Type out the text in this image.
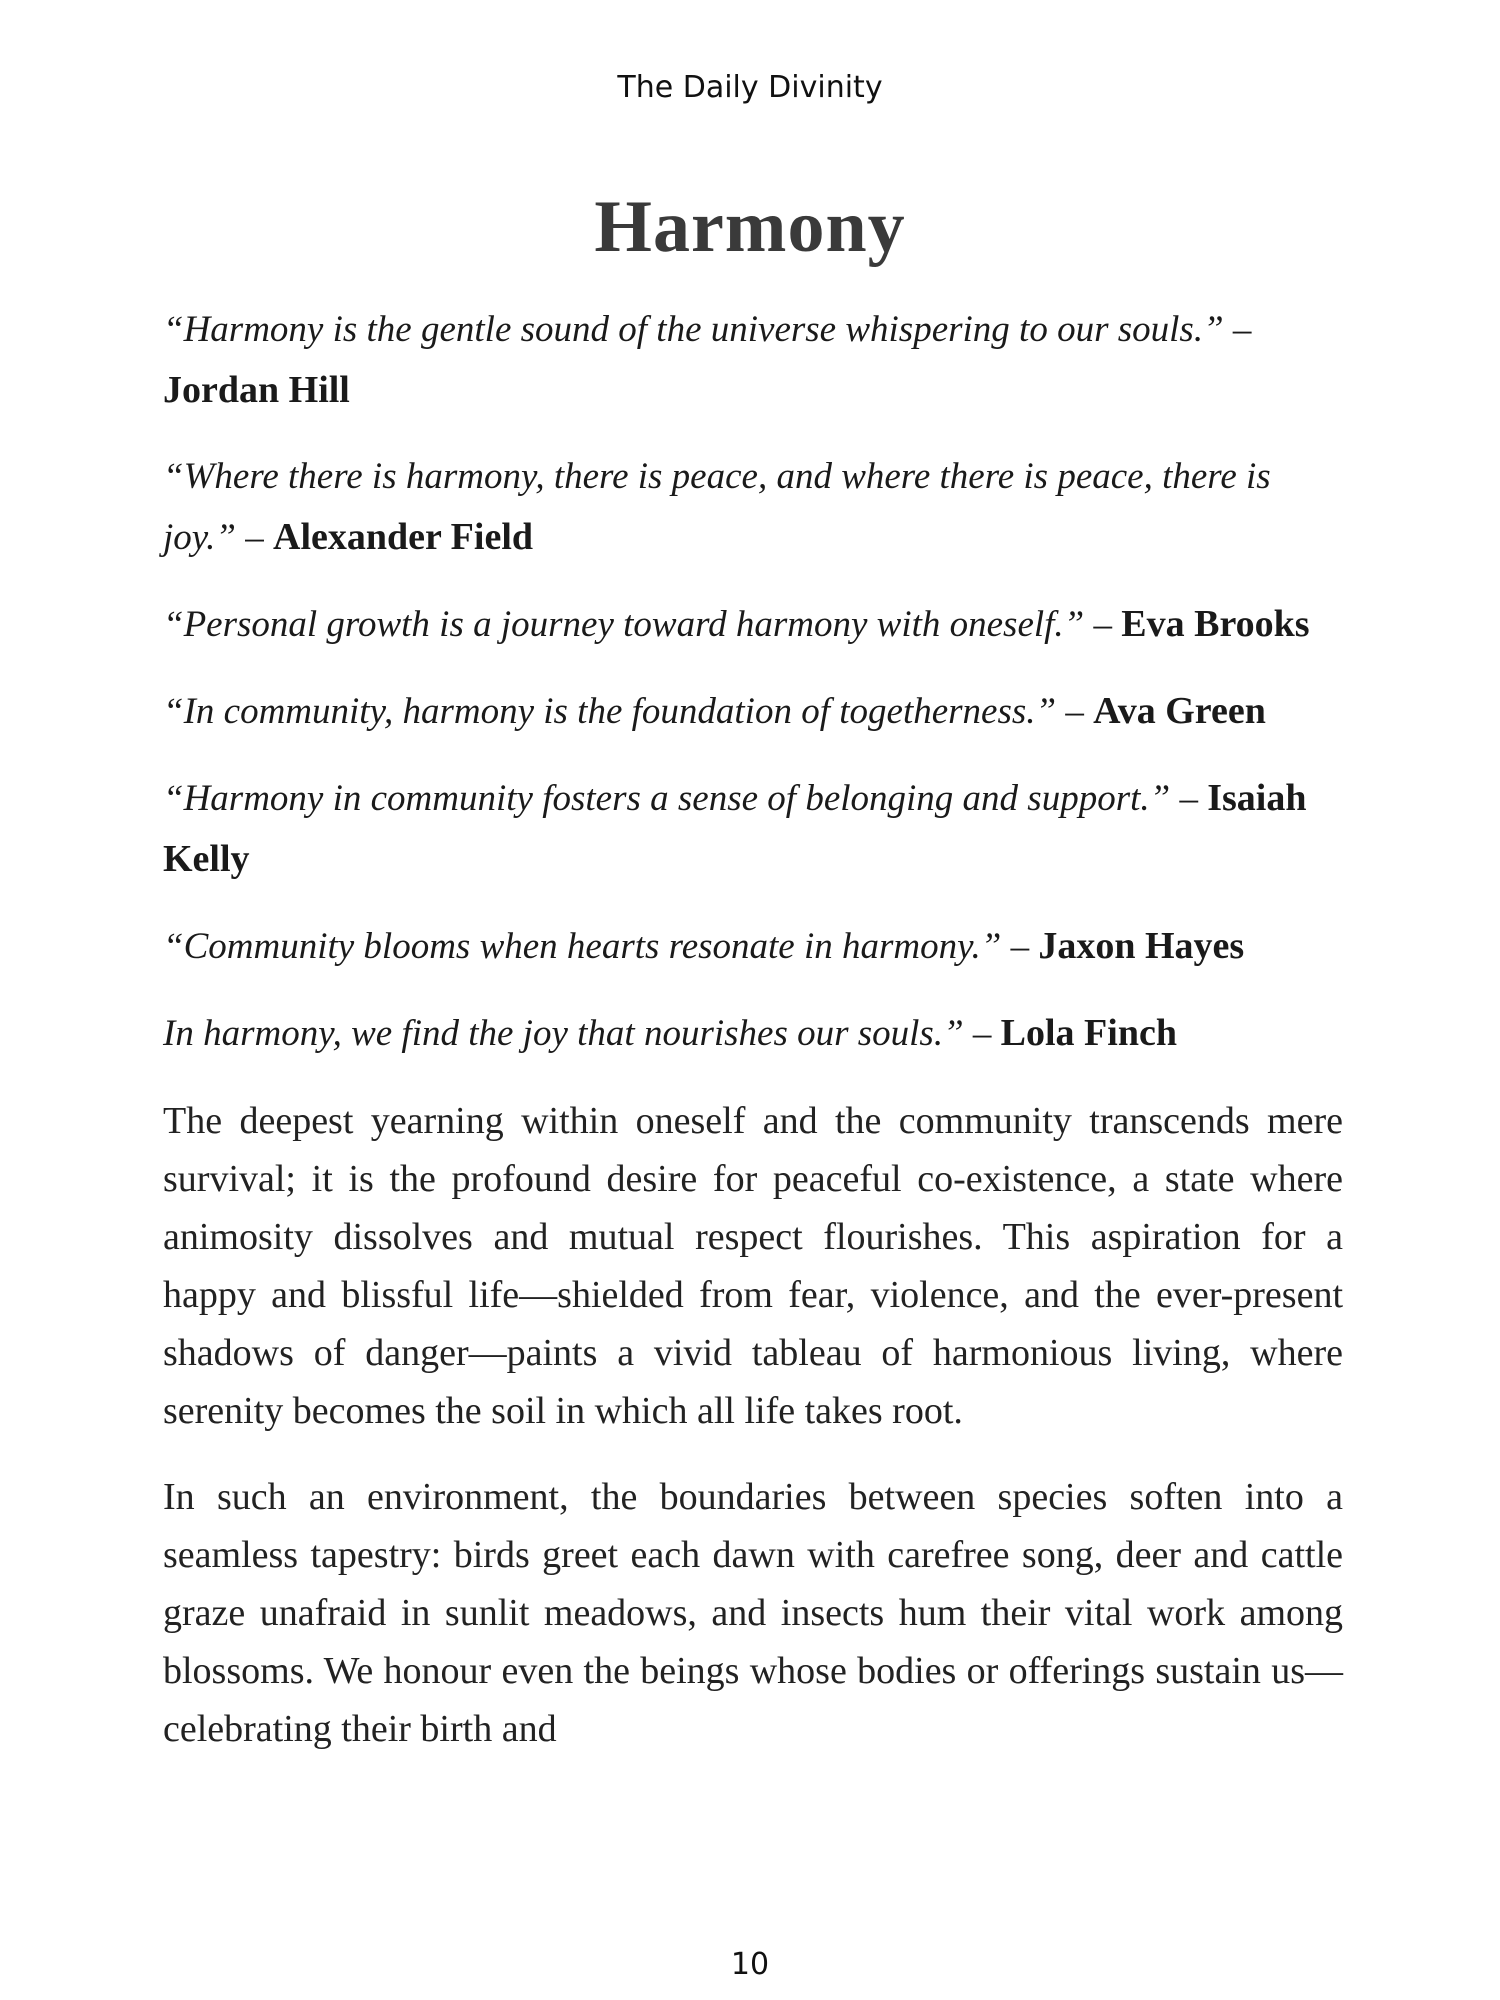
The Daily Divinity
Harmony

“Harmony is the gentle sound of the universe whispering to our souls.” –
Jordan Hill

“Where there is harmony, there is peace, and where there is peace, there is joy.” – Alexander Field

“Personal growth is a journey toward harmony with oneself.” – Eva Brooks

“In community, harmony is the foundation of togetherness.” – Ava Green

“Harmony in community fosters a sense of belonging and support.” – Isaiah Kelly

“Community blooms when hearts resonate in harmony.” – Jaxon Hayes

In harmony, we find the joy that nourishes our souls.” – Lola Finch

The deepest yearning within oneself and the community transcends mere survival; it is the profound desire for peaceful co-existence, a state where animosity dissolves and mutual respect flourishes. This aspiration for a happy and blissful life—shielded from fear, violence, and the ever-present shadows of danger—paints a vivid tableau of harmonious living, where serenity becomes the soil in which all life takes root.

In such an environment, the boundaries between species soften into a seamless tapestry: birds greet each dawn with carefree song, deer and cattle graze unafraid in sunlit meadows, and insects hum their vital work among blossoms. We honour even the beings whose bodies or offerings sustain us—celebrating their birth and

10
